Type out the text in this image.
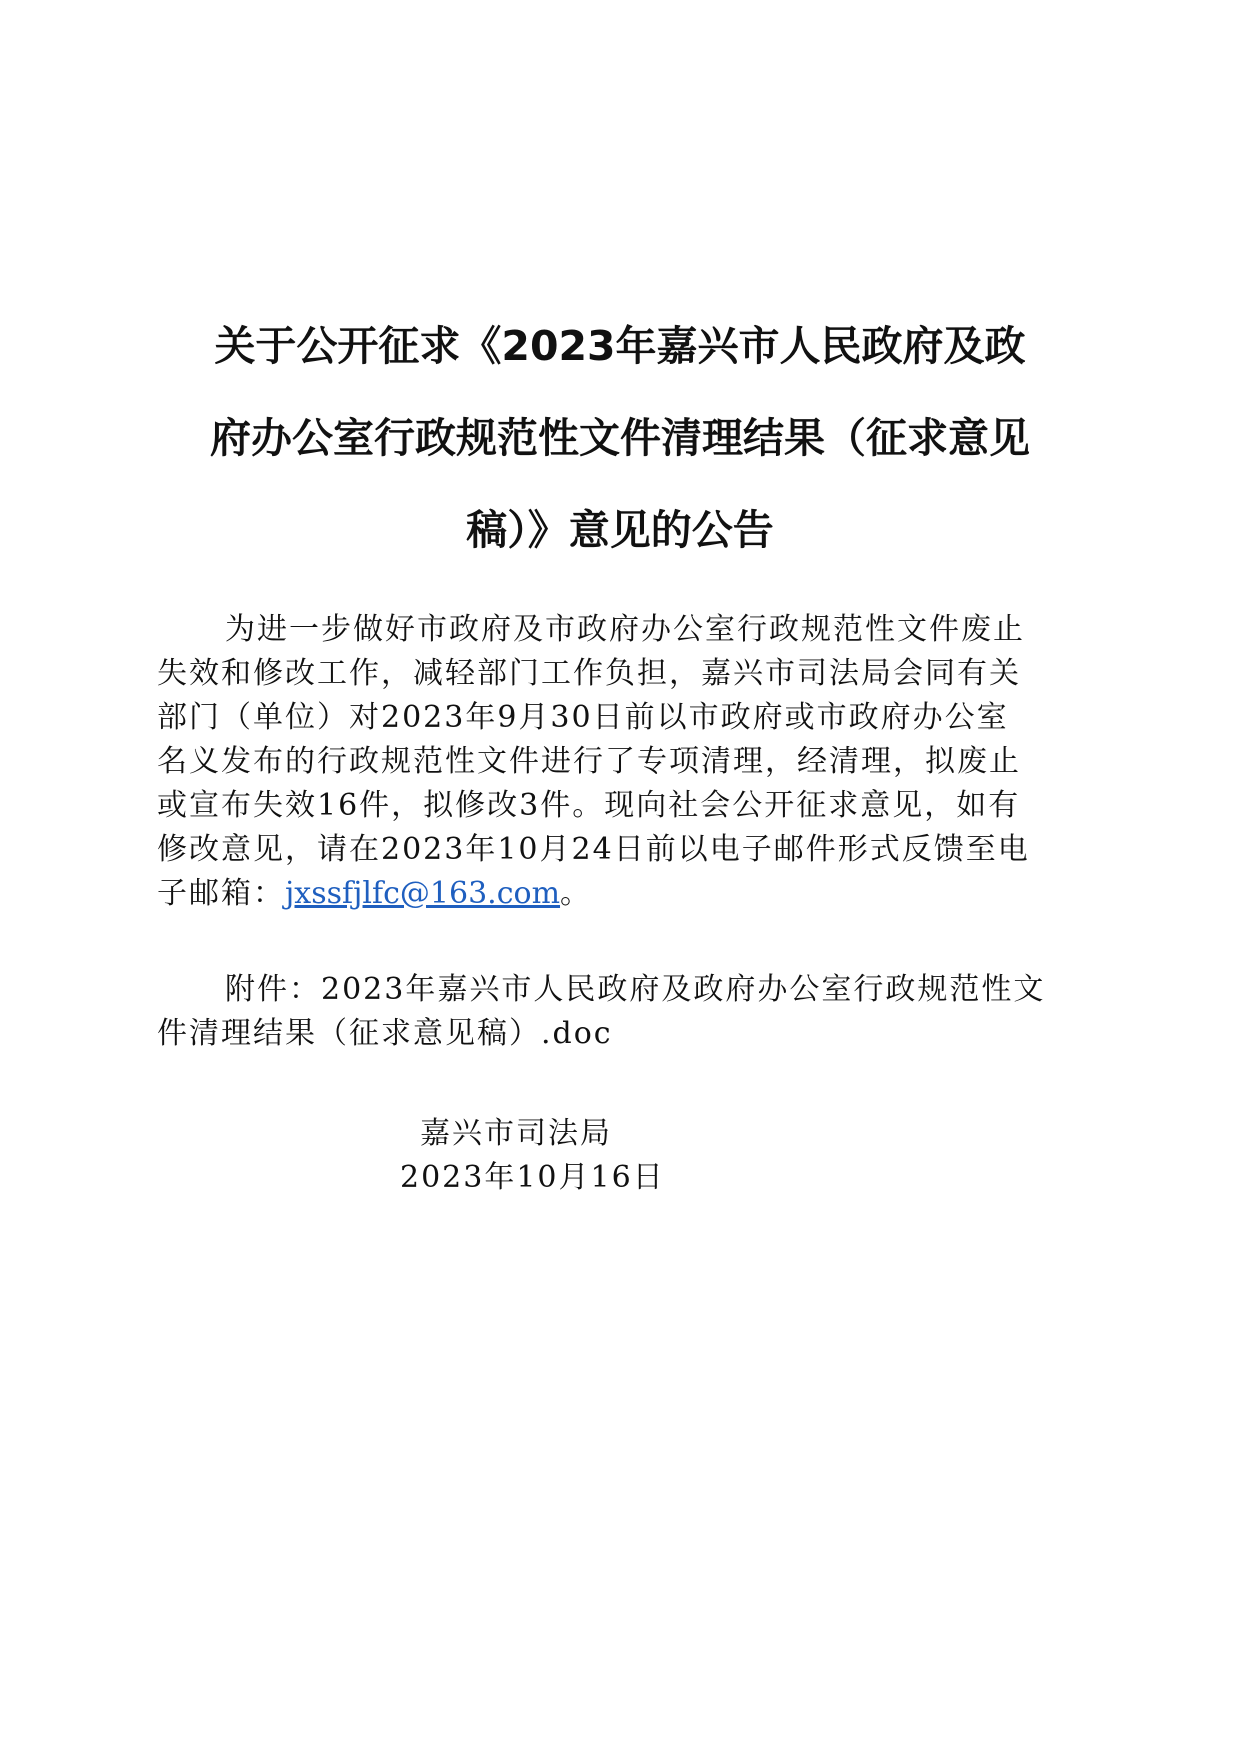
关于公开征求《2023年嘉兴市人民政府及政
府办公室行政规范性文件清理结果（征求意见
稿）》意见的公告
为进一步做好市政府及市政府办公室行政规范性文件废止
失效和修改工作，减轻部门工作负担，嘉兴市司法局会同有关
部门（单位）对2023年9月30日前以市政府或市政府办公室
名义发布的行政规范性文件进行了专项清理，经清理，拟废止
或宣布失效16件，拟修改3件。现向社会公开征求意见，如有
修改意见，请在2023年10月24日前以电子邮件形式反馈至电
子邮箱：jxssfjlfc@163.com。
附件：2023年嘉兴市人民政府及政府办公室行政规范性文
件清理结果（征求意见稿）.doc
嘉兴市司法局
2023年10月16日
